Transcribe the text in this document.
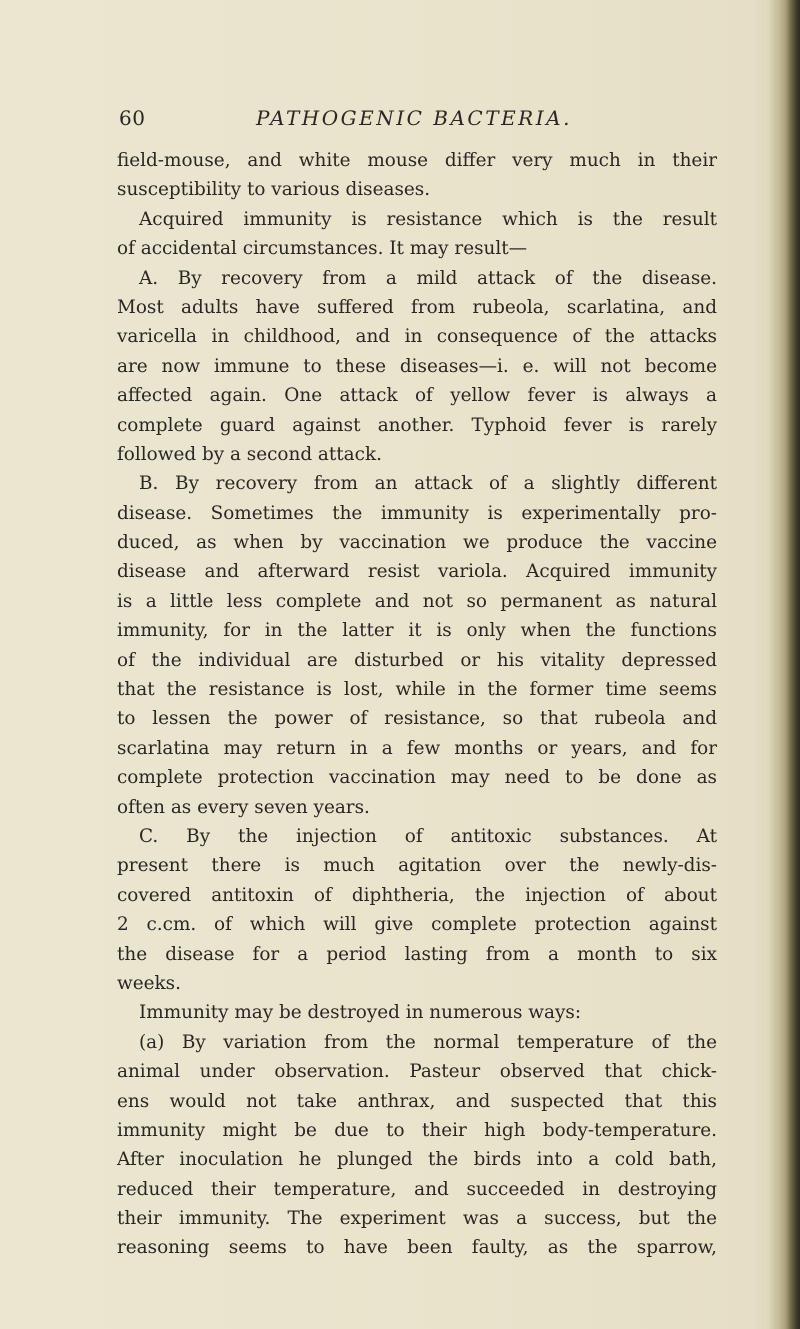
60	PATHOGENIC BACTERIA.
field-mouse, and white mouse differ very much in their
susceptibility to various diseases.
Acquired immunity is resistance which is the result
of accidental circumstances. It may result—
A. By recovery from a mild attack of the disease.
Most adults have suffered from rubeola, scarlatina, and
varicella in childhood, and in consequence of the attacks
are now immune to these diseases—i. e. will not become
affected again. One attack of yellow fever is always a
complete guard against another. Typhoid fever is rarely
followed by a second attack.
B. By recovery from an attack of a slightly different
disease. Sometimes the immunity is experimentally pro-
duced, as when by vaccination we produce the vaccine
disease and afterward resist variola. Acquired immunity
is a little less complete and not so permanent as natural
immunity, for in the latter it is only when the functions
of the individual are disturbed or his vitality depressed
that the resistance is lost, while in the former time seems
to lessen the power of resistance, so that rubeola and
scarlatina may return in a few months or years, and for
complete protection vaccination may need to be done as
often as every seven years.
C. By the injection of antitoxic substances. At
present there is much agitation over the newly-dis-
covered antitoxin of diphtheria, the injection of about
2 c.cm. of which will give complete protection against
the disease for a period lasting from a month to six
weeks.
Immunity may be destroyed in numerous ways:
(a) By variation from the normal temperature of the
animal under observation. Pasteur observed that chick-
ens would not take anthrax, and suspected that this
immunity might be due to their high body-temperature.
After inoculation he plunged the birds into a cold bath,
reduced their temperature, and succeeded in destroying
their immunity. The experiment was a success, but the
reasoning seems to have been faulty, as the sparrow,
